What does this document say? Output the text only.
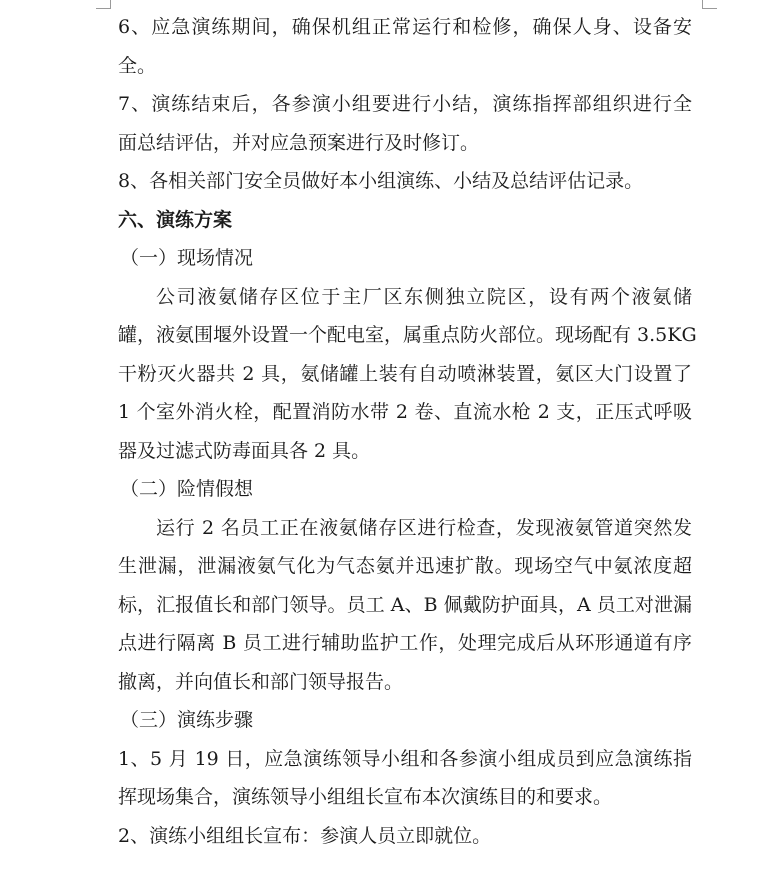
6、应急演练期间，确保机组正常运行和检修，确保人身、设备安
全。
7、演练结束后，各参演小组要进行小结，演练指挥部组织进行全
面总结评估，并对应急预案进行及时修订。
8、各相关部门安全员做好本小组演练、小结及总结评估记录。
六、演练方案
（一）现场情况
公司液氨储存区位于主厂区东侧独立院区，设有两个液氨储
罐，液氨围堰外设置一个配电室，属重点防火部位。现场配有 3.5KG
干粉灭火器共 2 具，氨储罐上装有自动喷淋装置，氨区大门设置了
1 个室外消火栓，配置消防水带 2 卷、直流水枪 2 支，正压式呼吸
器及过滤式防毒面具各 2 具。
（二）险情假想
运行 2 名员工正在液氨储存区进行检查，发现液氨管道突然发
生泄漏，泄漏液氨气化为气态氨并迅速扩散。现场空气中氨浓度超
标，汇报值长和部门领导。员工 A、B 佩戴防护面具，A 员工对泄漏
点进行隔离 B 员工进行辅助监护工作，处理完成后从环形通道有序
撤离，并向值长和部门领导报告。
（三）演练步骤
1、5 月 19 日，应急演练领导小组和各参演小组成员到应急演练指
挥现场集合，演练领导小组组长宣布本次演练目的和要求。
2、演练小组组长宣布：参演人员立即就位。
